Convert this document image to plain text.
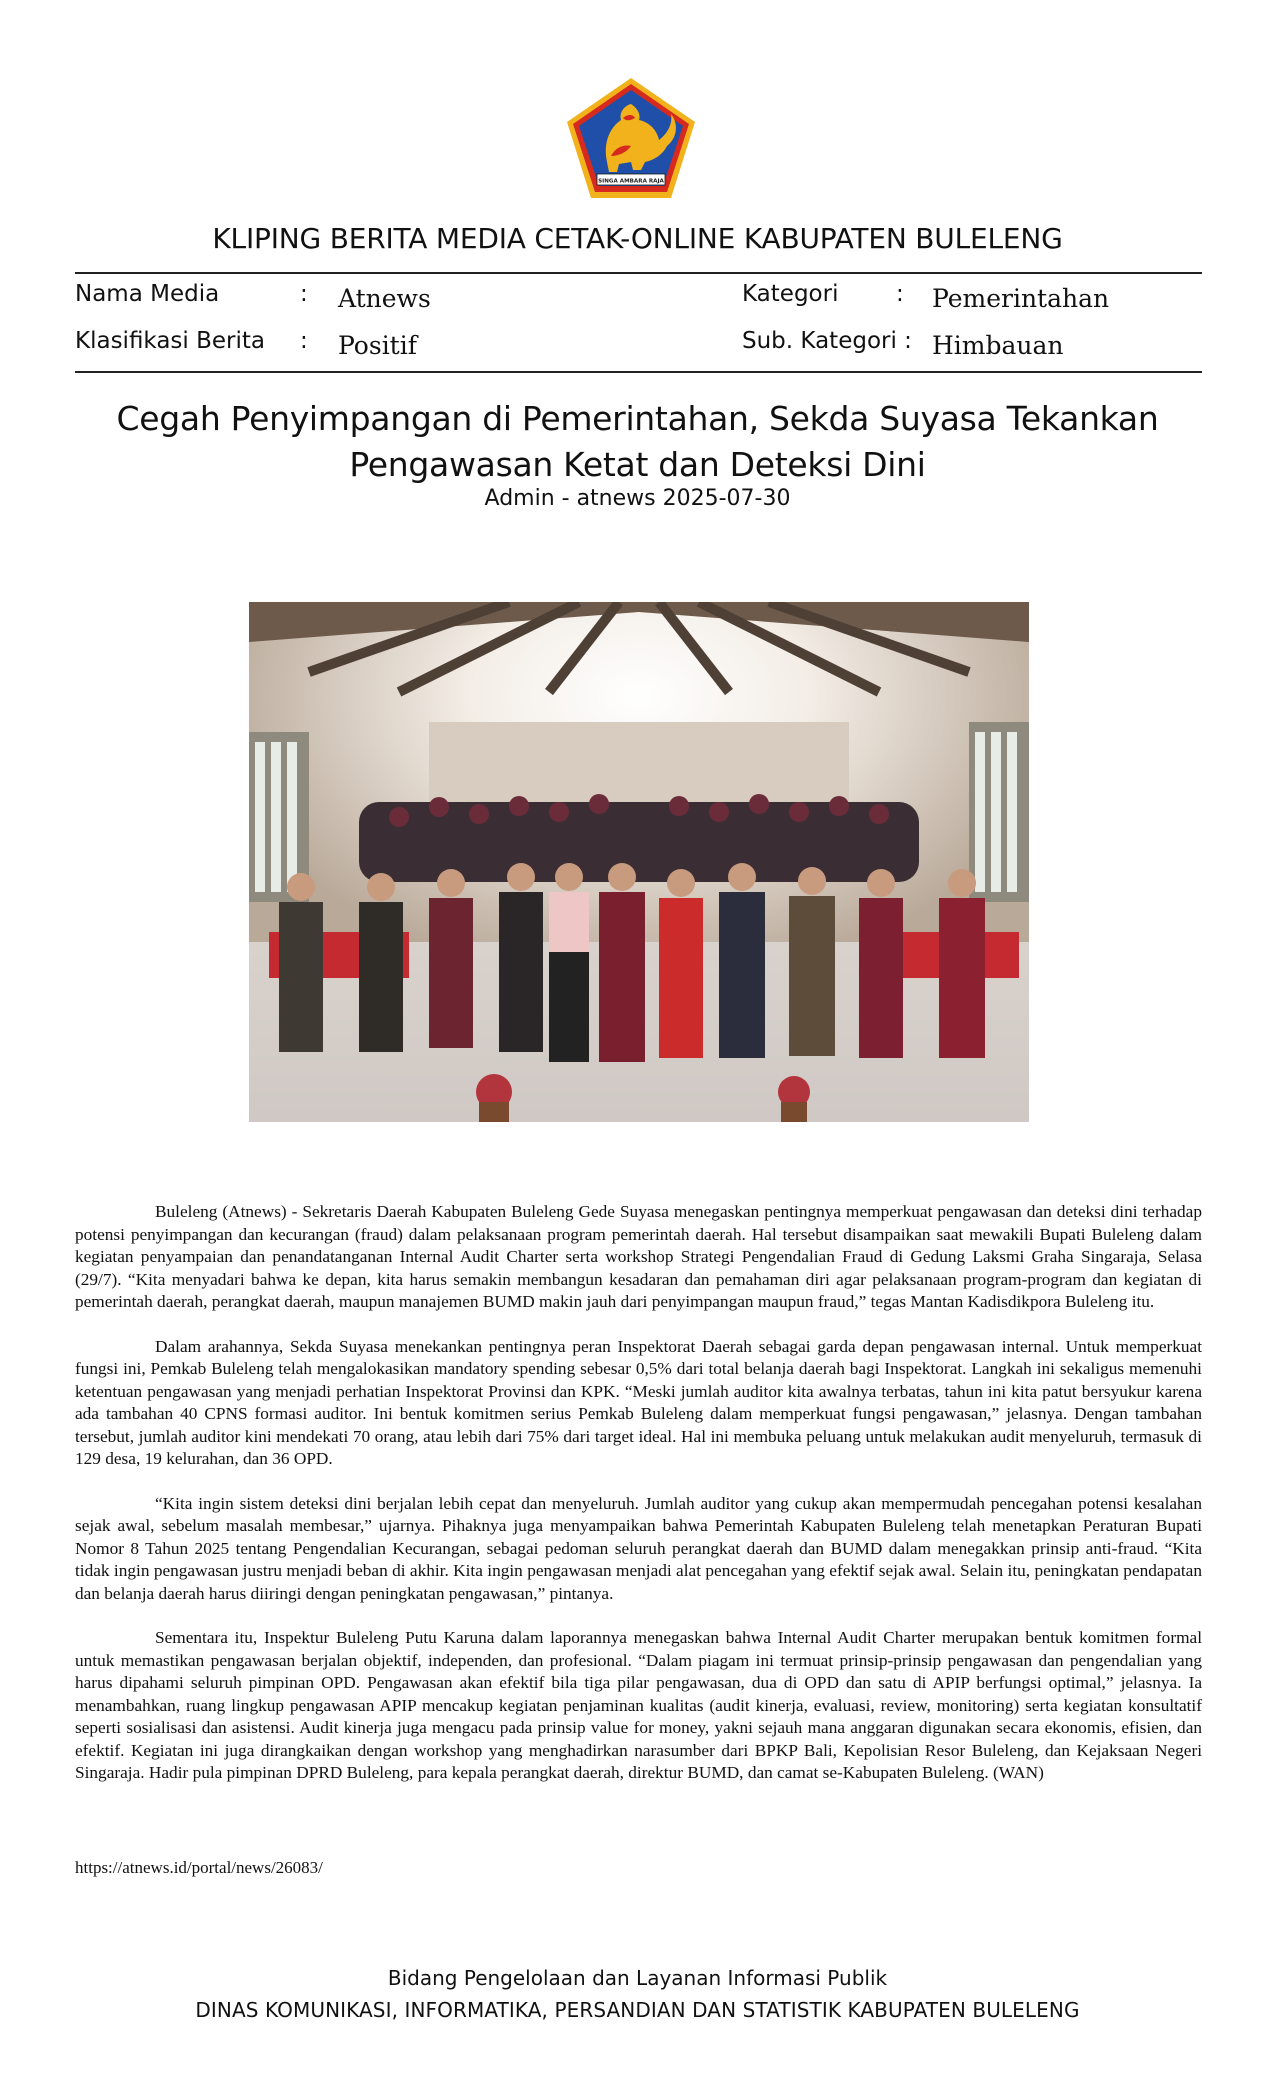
SINGA AMBARA RAJA
KLIPING BERITA MEDIA CETAK-ONLINE KABUPATEN BULELENG
Nama Media	: Atnews	Kategori	: Pemerintahan
Klasifikasi Berita : Positif	Sub. Kategori : Himbauan
Cegah Penyimpangan di Pemerintahan, Sekda Suyasa Tekankan
Pengawasan Ketat dan Deteksi Dini
Admin - atnews 2025-07-30

Buleleng (Atnews) - Sekretaris Daerah Kabupaten Buleleng Gede Suyasa menegaskan pentingnya memperkuat pengawasan dan deteksi dini terhadap potensi penyimpangan dan kecurangan (fraud) dalam pelaksanaan program pemerintah daerah. Hal tersebut disampaikan saat mewakili Bupati Buleleng dalam kegiatan penyampaian dan penandatanganan Internal Audit Charter serta workshop Strategi Pengendalian Fraud di Gedung Laksmi Graha Singaraja, Selasa (29/7). “Kita menyadari bahwa ke depan, kita harus semakin membangun kesadaran dan pemahaman diri agar pelaksanaan program-program dan kegiatan di pemerintah daerah, perangkat daerah, maupun manajemen BUMD makin jauh dari penyimpangan maupun fraud,” tegas Mantan Kadisdikpora Buleleng itu.

Dalam arahannya, Sekda Suyasa menekankan pentingnya peran Inspektorat Daerah sebagai garda depan pengawasan internal. Untuk memperkuat fungsi ini, Pemkab Buleleng telah mengalokasikan mandatory spending sebesar 0,5% dari total belanja daerah bagi Inspektorat. Langkah ini sekaligus memenuhi ketentuan pengawasan yang menjadi perhatian Inspektorat Provinsi dan KPK. “Meski jumlah auditor kita awalnya terbatas, tahun ini kita patut bersyukur karena ada tambahan 40 CPNS formasi auditor. Ini bentuk komitmen serius Pemkab Buleleng dalam memperkuat fungsi pengawasan,” jelasnya. Dengan tambahan tersebut, jumlah auditor kini mendekati 70 orang, atau lebih dari 75% dari target ideal. Hal ini membuka peluang untuk melakukan audit menyeluruh, termasuk di 129 desa, 19 kelurahan, dan 36 OPD.

“Kita ingin sistem deteksi dini berjalan lebih cepat dan menyeluruh. Jumlah auditor yang cukup akan mempermudah pencegahan potensi kesalahan sejak awal, sebelum masalah membesar,” ujarnya. Pihaknya juga menyampaikan bahwa Pemerintah Kabupaten Buleleng telah menetapkan Peraturan Bupati Nomor 8 Tahun 2025 tentang Pengendalian Kecurangan, sebagai pedoman seluruh perangkat daerah dan BUMD dalam menegakkan prinsip anti-fraud. “Kita tidak ingin pengawasan justru menjadi beban di akhir. Kita ingin pengawasan menjadi alat pencegahan yang efektif sejak awal. Selain itu, peningkatan pendapatan dan belanja daerah harus diiringi dengan peningkatan pengawasan,” pintanya.

Sementara itu, Inspektur Buleleng Putu Karuna dalam laporannya menegaskan bahwa Internal Audit Charter merupakan bentuk komitmen formal untuk memastikan pengawasan berjalan objektif, independen, dan profesional. “Dalam piagam ini termuat prinsip-prinsip pengawasan dan pengendalian yang harus dipahami seluruh pimpinan OPD. Pengawasan akan efektif bila tiga pilar pengawasan, dua di OPD dan satu di APIP berfungsi optimal,” jelasnya. Ia menambahkan, ruang lingkup pengawasan APIP mencakup kegiatan penjaminan kualitas (audit kinerja, evaluasi, review, monitoring) serta kegiatan konsultatif seperti sosialisasi dan asistensi. Audit kinerja juga mengacu pada prinsip value for money, yakni sejauh mana anggaran digunakan secara ekonomis, efisien, dan efektif. Kegiatan ini juga dirangkaikan dengan workshop yang menghadirkan narasumber dari BPKP Bali, Kepolisian Resor Buleleng, dan Kejaksaan Negeri Singaraja. Hadir pula pimpinan DPRD Buleleng, para kepala perangkat daerah, direktur BUMD, dan camat se-Kabupaten Buleleng. (WAN)

https://atnews.id/portal/news/26083/
Bidang Pengelolaan dan Layanan Informasi Publik
DINAS KOMUNIKASI, INFORMATIKA, PERSANDIAN DAN STATISTIK KABUPATEN BULELENG
